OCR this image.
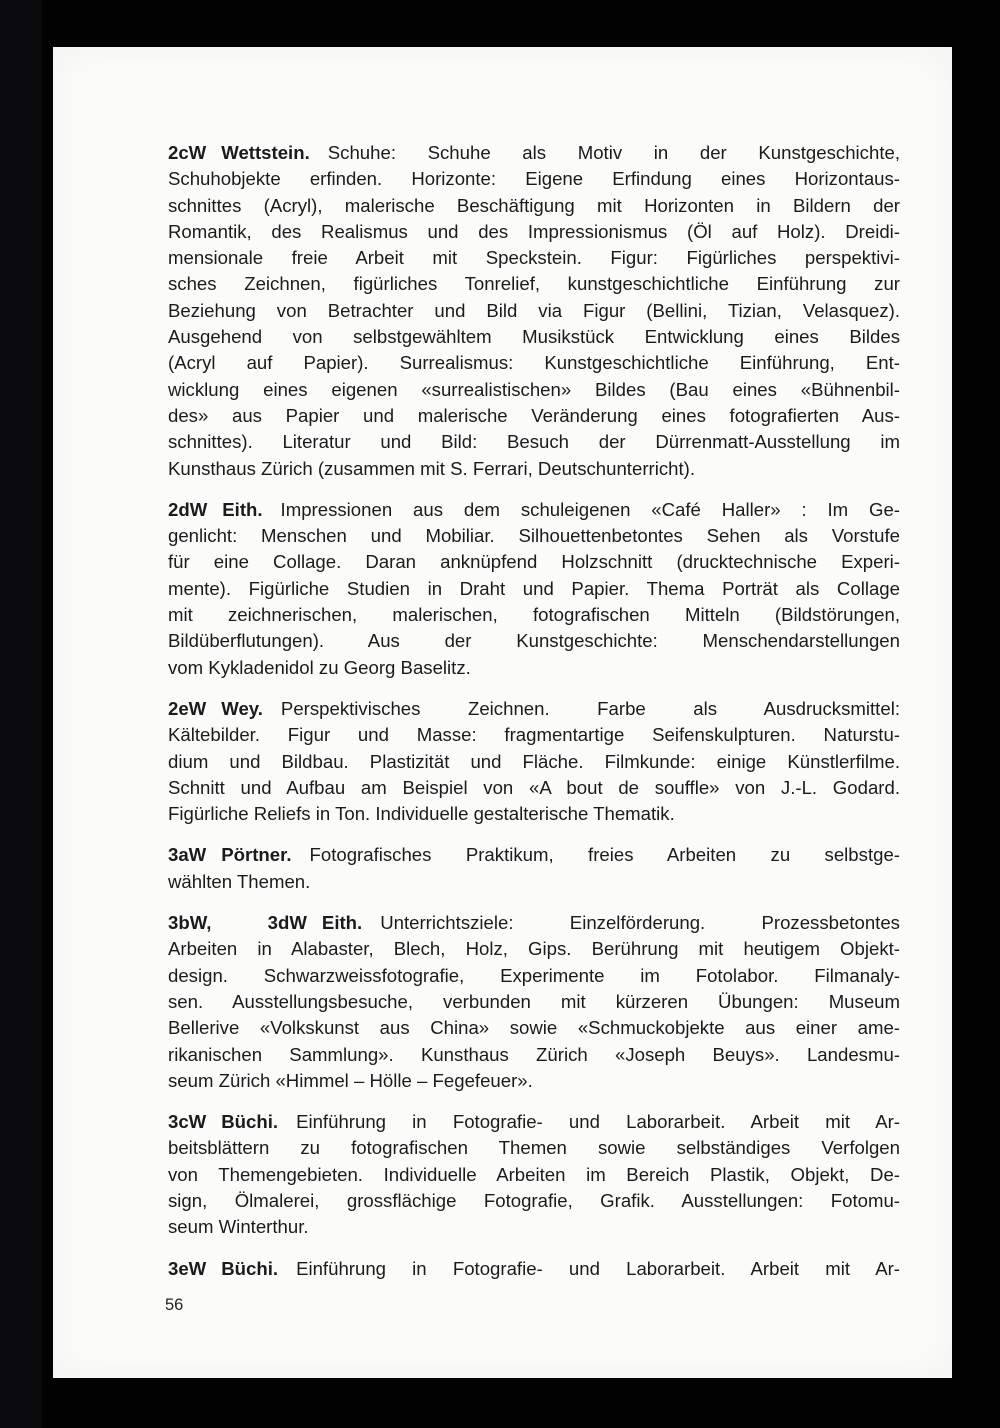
2cW Wettstein. Schuhe: Schuhe als Motiv in der Kunstgeschichte,
Schuhobjekte erfinden. Horizonte: Eigene Erfindung eines Horizontaus-
schnittes (Acryl), malerische Beschäftigung mit Horizonten in Bildern der
Romantik, des Realismus und des Impressionismus (Öl auf Holz). Dreidi-
mensionale freie Arbeit mit Speckstein. Figur: Figürliches perspektivi-
sches Zeichnen, figürliches Tonrelief, kunstgeschichtliche Einführung zur
Beziehung von Betrachter und Bild via Figur (Bellini, Tizian, Velasquez).
Ausgehend von selbstgewähltem Musikstück Entwicklung eines Bildes
(Acryl auf Papier). Surrealismus: Kunstgeschichtliche Einführung, Ent-
wicklung eines eigenen «surrealistischen» Bildes (Bau eines «Bühnenbil-
des» aus Papier und malerische Veränderung eines fotografierten Aus-
schnittes). Literatur und Bild: Besuch der Dürrenmatt-Ausstellung im
Kunsthaus Zürich (zusammen mit S. Ferrari, Deutschunterricht).

2dW Eith. Impressionen aus dem schuleigenen «Café Haller» : Im Ge-
genlicht: Menschen und Mobiliar. Silhouettenbetontes Sehen als Vorstufe
für eine Collage. Daran anknüpfend Holzschnitt (drucktechnische Experi-
mente). Figürliche Studien in Draht und Papier. Thema Porträt als Collage
mit zeichnerischen, malerischen, fotografischen Mitteln (Bildstörungen,
Bildüberflutungen). Aus der Kunstgeschichte: Menschendarstellungen
vom Kykladenidol zu Georg Baselitz.

2eW Wey. Perspektivisches Zeichnen. Farbe als Ausdrucksmittel:
Kältebilder. Figur und Masse: fragmentartige Seifenskulpturen. Naturstu-
dium und Bildbau. Plastizität und Fläche. Filmkunde: einige Künstlerfilme.
Schnitt und Aufbau am Beispiel von «A bout de souffle» von J.-L. Godard.
Figürliche Reliefs in Ton. Individuelle gestalterische Thematik.

3aW Pörtner. Fotografisches Praktikum, freies Arbeiten zu selbstge-
wählten Themen.

3bW, 3dW Eith. Unterrichtsziele: Einzelförderung. Prozessbetontes
Arbeiten in Alabaster, Blech, Holz, Gips. Berührung mit heutigem Objekt-
design. Schwarzweissfotografie, Experimente im Fotolabor. Filmanaly-
sen. Ausstellungsbesuche, verbunden mit kürzeren Übungen: Museum
Bellerive «Volkskunst aus China» sowie «Schmuckobjekte aus einer ame-
rikanischen Sammlung». Kunsthaus Zürich «Joseph Beuys». Landesmu-
seum Zürich «Himmel – Hölle – Fegefeuer».

3cW Büchi. Einführung in Fotografie- und Laborarbeit. Arbeit mit Ar-
beitsblättern zu fotografischen Themen sowie selbständiges Verfolgen
von Themengebieten. Individuelle Arbeiten im Bereich Plastik, Objekt, De-
sign, Ölmalerei, grossflächige Fotografie, Grafik. Ausstellungen: Fotomu-
seum Winterthur.

3eW Büchi. Einführung in Fotografie- und Laborarbeit. Arbeit mit Ar-

56
